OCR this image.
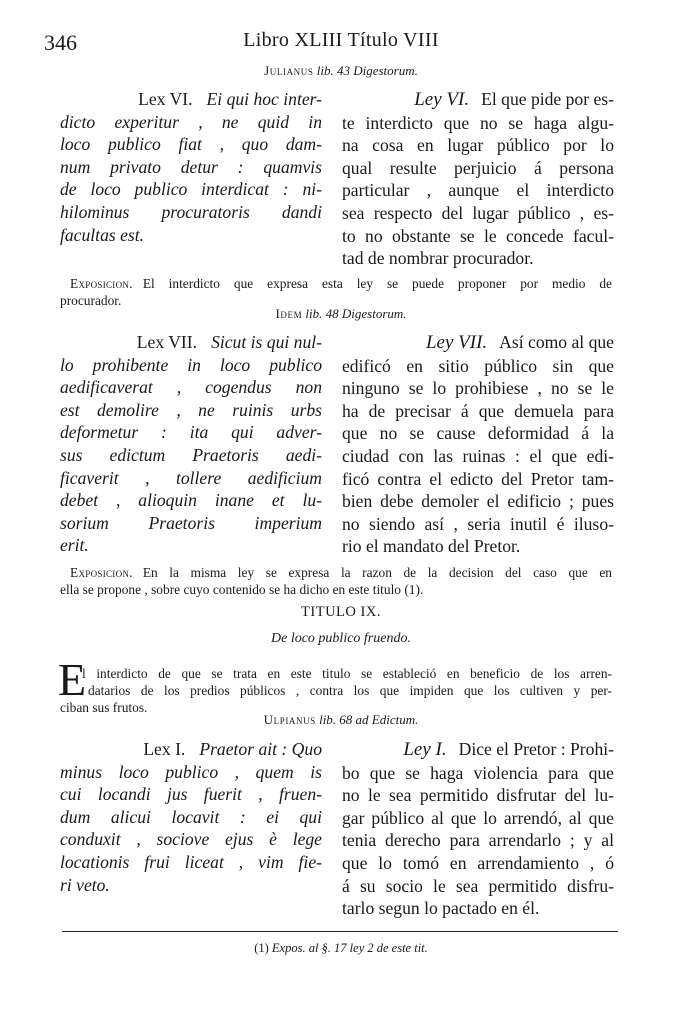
346	Libro XLIII Título VIII
Julianus lib. 43 Digestorum.
Lex VI. Ei qui hoc inter-
dicto experitur , ne quid in
loco publico fiat , quo dam-
num privato detur : quamvis
de loco publico interdicat : ni-
hilominus procuratoris dandi
facultas est.
Ley VI. El que pide por es-
te interdicto que no se haga algu-
na cosa en lugar público por lo
qual resulte perjuicio á persona
particular , aunque el interdicto
sea respecto del lugar público , es-
to no obstante se le concede facul-
tad de nombrar procurador.
Exposicion. El interdicto que expresa esta ley se puede proponer por medio de
procurador.
Idem lib. 48 Digestorum.
Lex VII. Sicut is qui nul-
lo prohibente in loco publico
aedificaverat , cogendus non
est demolire , ne ruinis urbs
deformetur : ita qui adver-
sus edictum Praetoris aedi-
ficaverit , tollere aedificium
debet , alioquin inane et lu-
sorium Praetoris imperium
erit.
Ley VII. Así como al que
edificó en sitio público sin que
ninguno se lo prohibiese , no se le
ha de precisar á que demuela para
que no se cause deformidad á la
ciudad con las ruinas : el que edi-
ficó contra el edicto del Pretor tam-
bien debe demoler el edificio ; pues
no siendo así , seria inutil é iluso-
rio el mandato del Pretor.
Exposicion. En la misma ley se expresa la razon de la decision del caso que en
ella se propone , sobre cuyo contenido se ha dicho en este titulo (1).
TITULO IX.
De loco publico fruendo.
E
l interdicto de que se trata en este titulo se estableció en beneficio de los arren-
datarios de los predios públicos , contra los que impiden que los cultiven y per-
ciban sus frutos.
Ulpianus lib. 68 ad Edictum.
Lex I. Praetor ait : Quo
minus loco publico , quem is
cui locandi jus fuerit , fruen-
dum alicui locavit : ei qui
conduxit , sociove ejus è lege
locationis frui liceat , vim fie-
ri veto.
Ley I. Dice el Pretor : Prohi-
bo que se haga violencia para que
no le sea permitido disfrutar del lu-
gar público al que lo arrendó, al que
tenia derecho para arrendarlo ; y al
que lo tomó en arrendamiento , ó
á su socio le sea permitido disfru-
tarlo segun lo pactado en él.
(1) Expos. al §. 17 ley 2 de este tit.
